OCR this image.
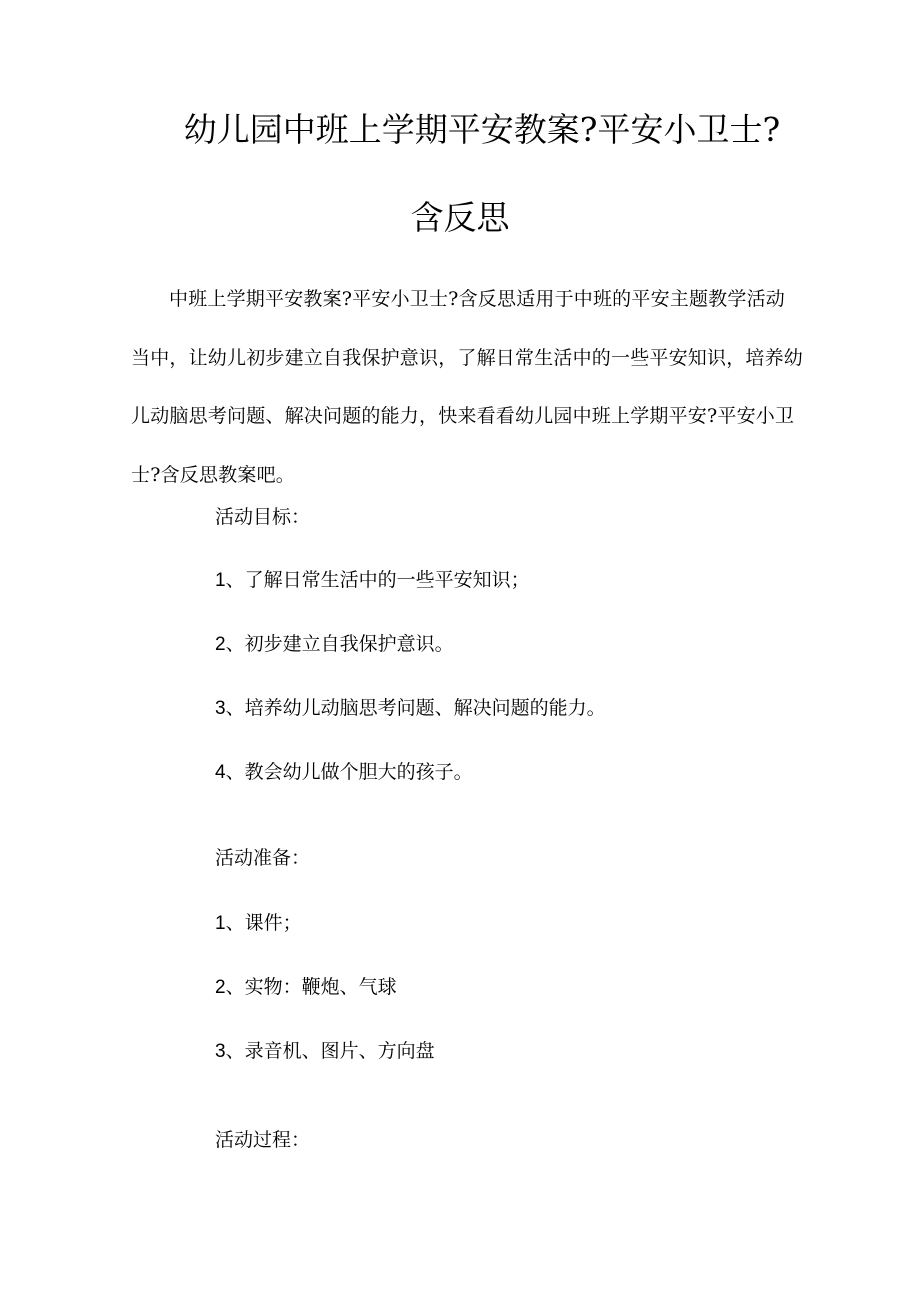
幼儿园中班上学期平安教案?平安小卫士?
含反思
中班上学期平安教案?平安小卫士?含反思适用于中班的平安主题教学活动当中，让幼儿初步建立自我保护意识，了解日常生活中的一些平安知识，培养幼儿动脑思考问题、解决问题的能力，快来看看幼儿园中班上学期平安?平安小卫士?含反思教案吧。
活动目标：
1、了解日常生活中的一些平安知识；
2、初步建立自我保护意识。
3、培养幼儿动脑思考问题、解决问题的能力。
4、教会幼儿做个胆大的孩子。
活动准备：
1、课件；
2、实物：鞭炮、气球
3、录音机、图片、方向盘
活动过程：
